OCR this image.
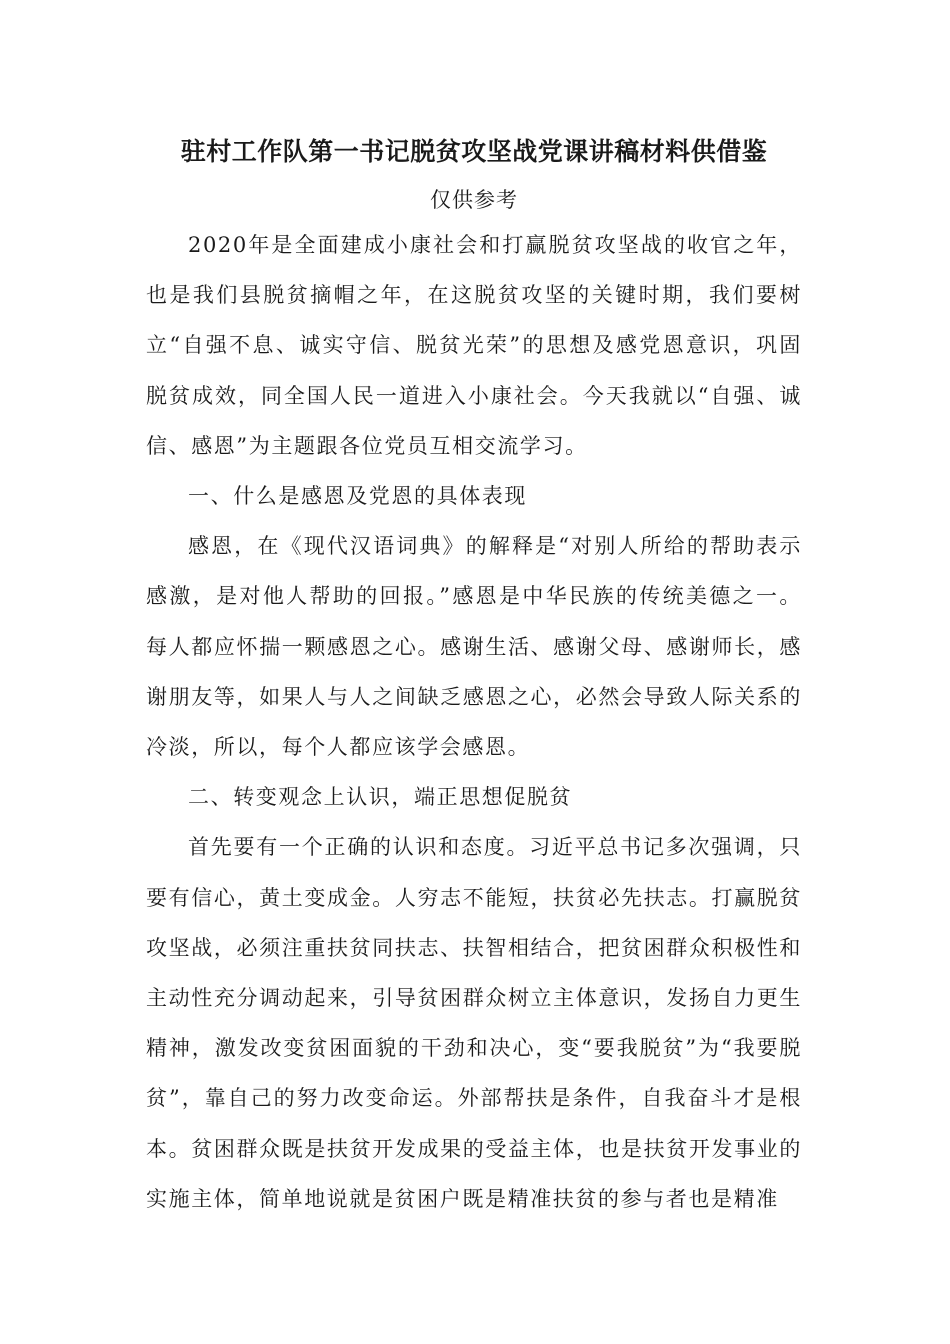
驻村工作队第一书记脱贫攻坚战党课讲稿材料供借鉴
仅供参考

2020年是全面建成小康社会和打赢脱贫攻坚战的收官之年，也是我们县脱贫摘帽之年，在这脱贫攻坚的关键时期，我们要树立“自强不息、诚实守信、脱贫光荣”的思想及感党恩意识，巩固脱贫成效，同全国人民一道进入小康社会。今天我就以“自强、诚信、感恩”为主题跟各位党员互相交流学习。

一、什么是感恩及党恩的具体表现

感恩，在《现代汉语词典》的解释是“对别人所给的帮助表示感激，是对他人帮助的回报。”感恩是中华民族的传统美德之一。每人都应怀揣一颗感恩之心。感谢生活、感谢父母、感谢师长，感谢朋友等，如果人与人之间缺乏感恩之心，必然会导致人际关系的冷淡，所以，每个人都应该学会感恩。

二、转变观念上认识，端正思想促脱贫

首先要有一个正确的认识和态度。习近平总书记多次强调，只要有信心，黄土变成金。人穷志不能短，扶贫必先扶志。打赢脱贫攻坚战，必须注重扶贫同扶志、扶智相结合，把贫困群众积极性和主动性充分调动起来，引导贫困群众树立主体意识，发扬自力更生精神，激发改变贫困面貌的干劲和决心，变“要我脱贫”为“我要脱贫”，靠自己的努力改变命运。外部帮扶是条件，自我奋斗才是根本。贫困群众既是扶贫开发成果的受益主体，也是扶贫开发事业的实施主体，简单地说就是贫困户既是精准扶贫的参与者也是精准
